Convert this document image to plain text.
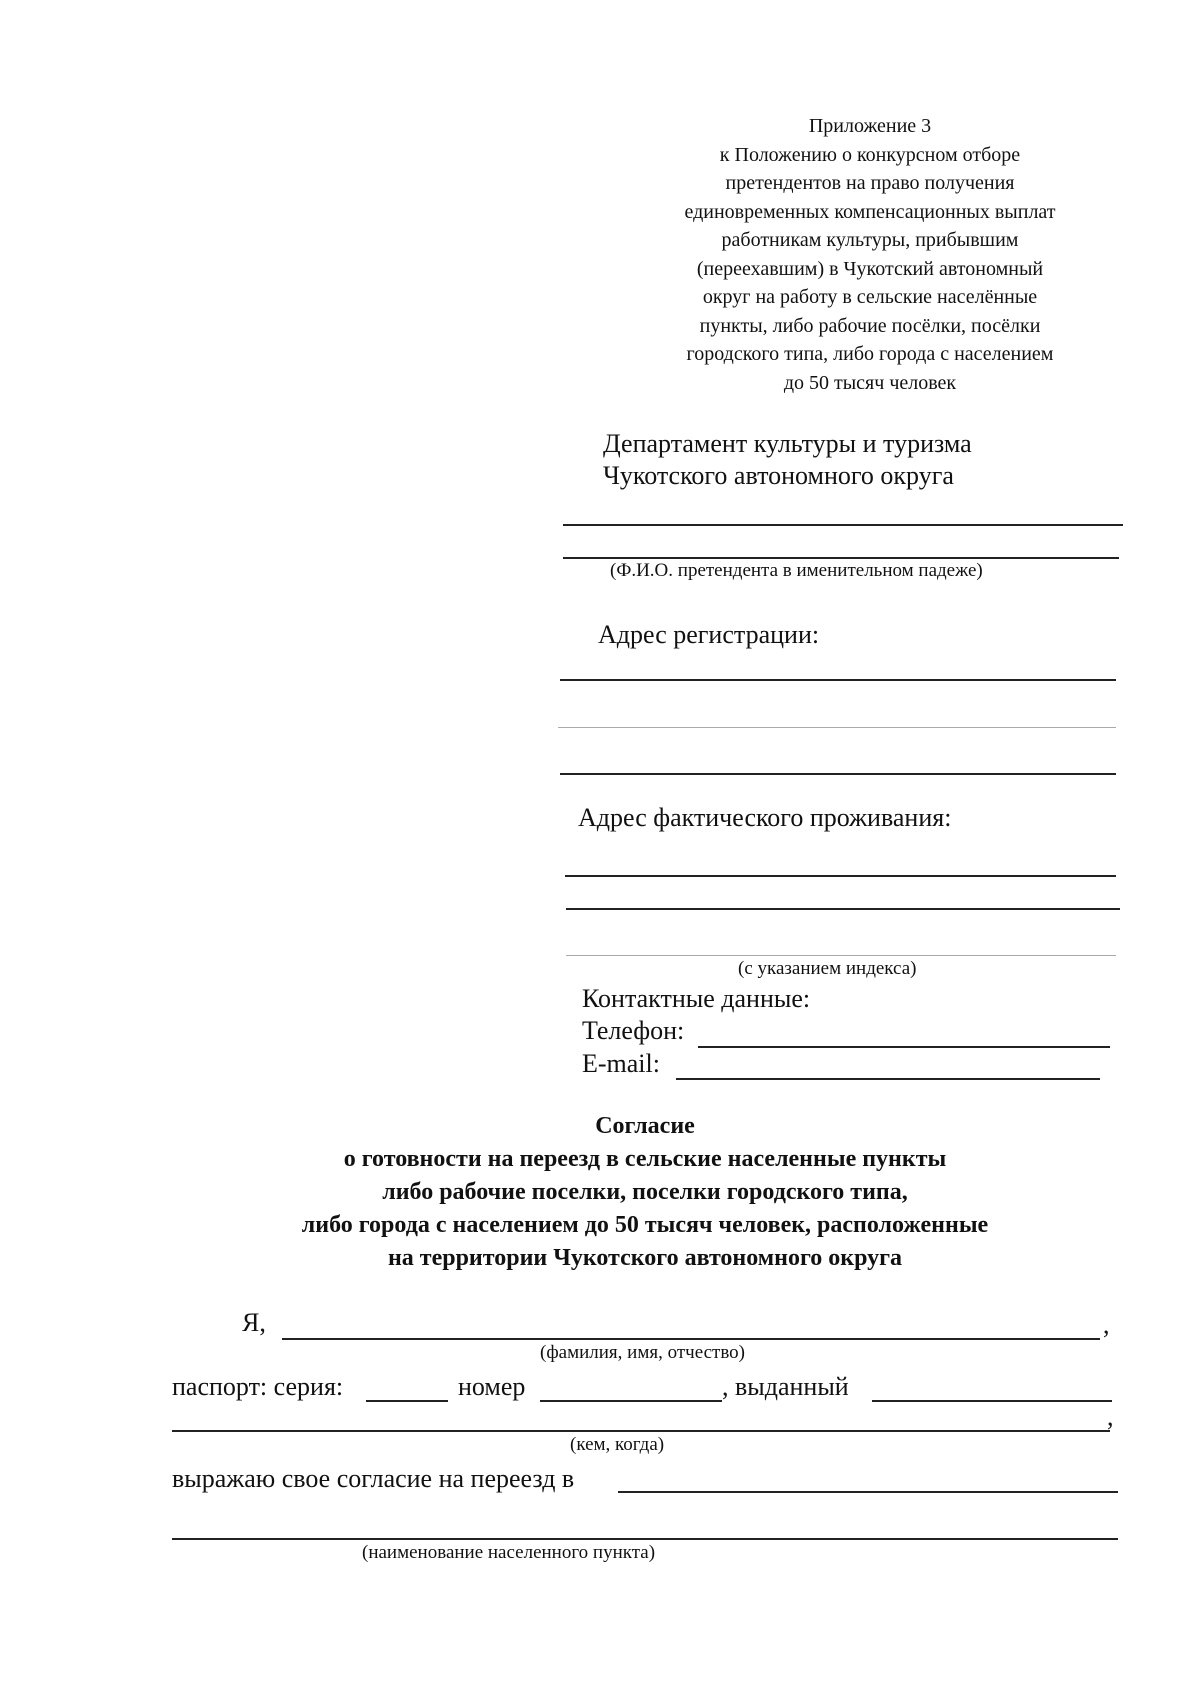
Приложение 3
к Положению о конкурсном отборе
претендентов на право получения
единовременных компенсационных выплат
работникам культуры, прибывшим
(переехавшим) в Чукотский автономный
округ на работу в сельские населённые
пункты, либо рабочие посёлки, посёлки
городского типа, либо города с населением
до 50 тысяч человек
Департамент культуры и туризма
Чукотского автономного округа
(Ф.И.О. претендента в именительном падеже)
Адрес регистрации:
Адрес фактического проживания:
(с указанием индекса)
Контактные данные:
Телефон:
E-mail:
Согласие
о готовности на переезд в сельские населенные пункты
либо рабочие поселки, поселки городского типа,
либо города с населением до 50 тысяч человек, расположенные
на территории Чукотского автономного округа
Я,	,
(фамилия, имя, отчество)
паспорт: серия:	номер	, выданный
,
(кем, когда)
выражаю свое согласие на переезд в
(наименование населенного пункта)
